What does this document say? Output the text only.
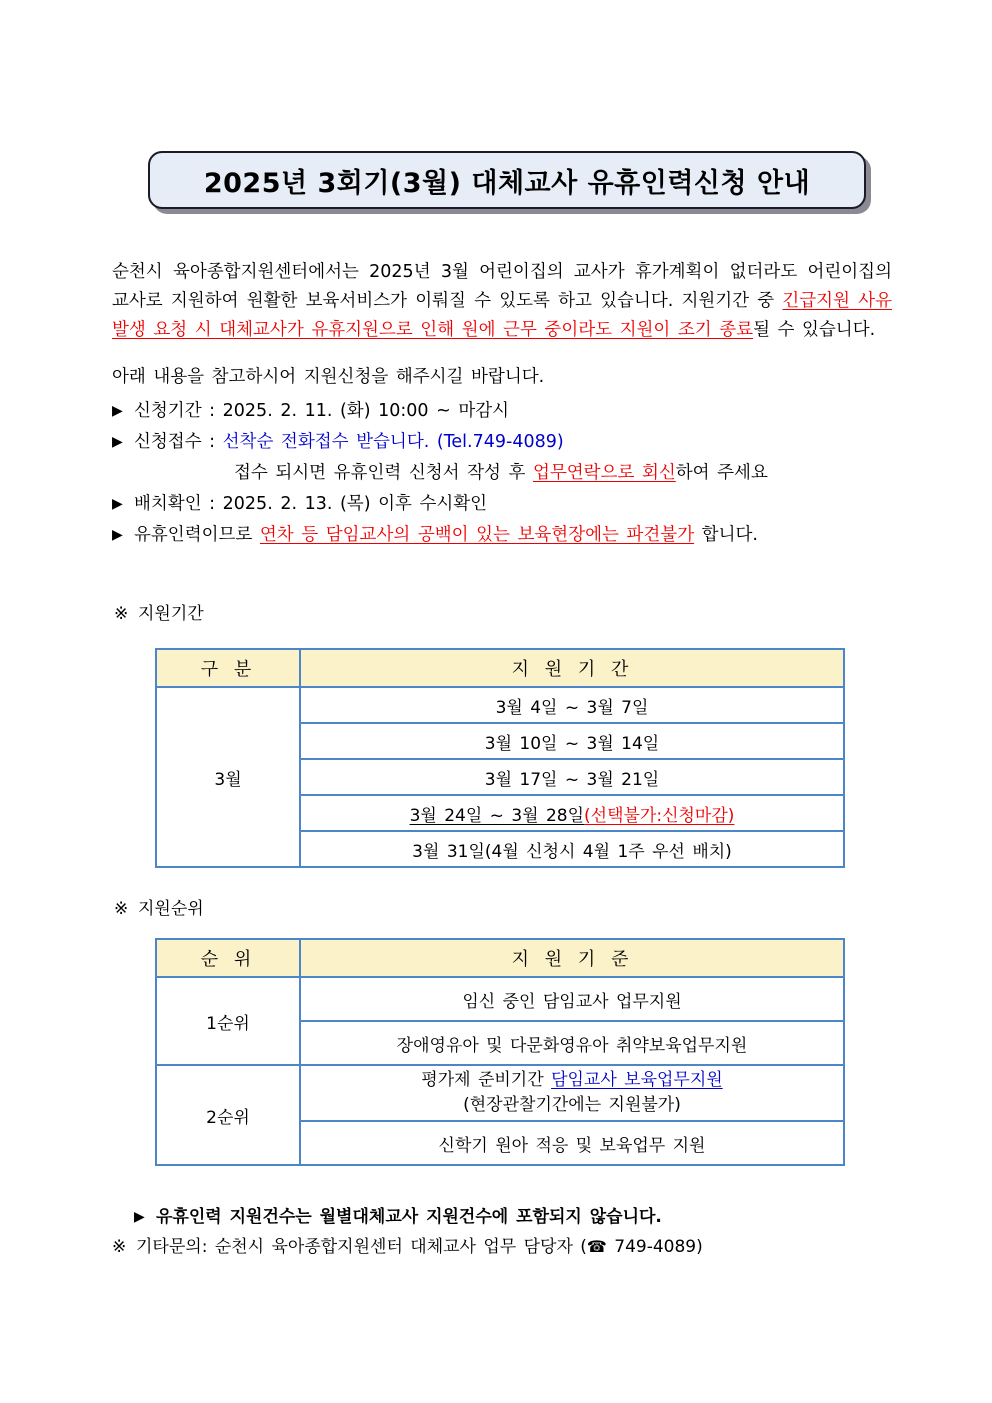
2025년 3회기(3월) 대체교사 유휴인력신청 안내

순천시 육아종합지원센터에서는 2025년 3월 어린이집의 교사가 휴가계획이 없더라도 어린이집의 교사로 지원하여 원활한 보육서비스가 이뤄질 수 있도록 하고 있습니다. 지원기간 중 긴급지원 사유발생 요청 시 대체교사가 유휴지원으로 인해 원에 근무 중이라도 지원이 조기 종료될 수 있습니다.

아래 내용을 참고하시어 지원신청을 해주시길 바랍니다.

▶ 신청기간 : 2025. 2. 11. (화) 10:00 ~ 마감시
▶ 신청접수 : 선착순 전화접수 받습니다. (Tel.749-4089)
접수 되시면 유휴인력 신청서 작성 후 업무연락으로 회신하여 주세요
▶ 배치확인 : 2025. 2. 13. (목) 이후 수시확인
▶ 유휴인력이므로 연차 등 담임교사의 공백이 있는 보육현장에는 파견불가 합니다.
※ 지원기간
구 분	지 원 기 간
3월	3월 4일 ~ 3월 7일
	3월 10일 ~ 3월 14일
	3월 17일 ~ 3월 21일
	3월 24일 ~ 3월 28일(선택불가:신청마감)
	3월 31일(4월 신청시 4월 1주 우선 배치)
※ 지원순위
순 위	지 원 기 준
1순위	임신 중인 담임교사 업무지원
	장애영유아 및 다문화영유아 취약보육업무지원
2순위	평가제 준비기간 담임교사 보육업무지원
(현장관찰기간에는 지원불가)
	신학기 원아 적응 및 보육업무 지원
▶ 유휴인력 지원건수는 월별대체교사 지원건수에 포함되지 않습니다.
※ 기타문의: 순천시 육아종합지원센터 대체교사 업무 담당자 (☎ 749-4089)
